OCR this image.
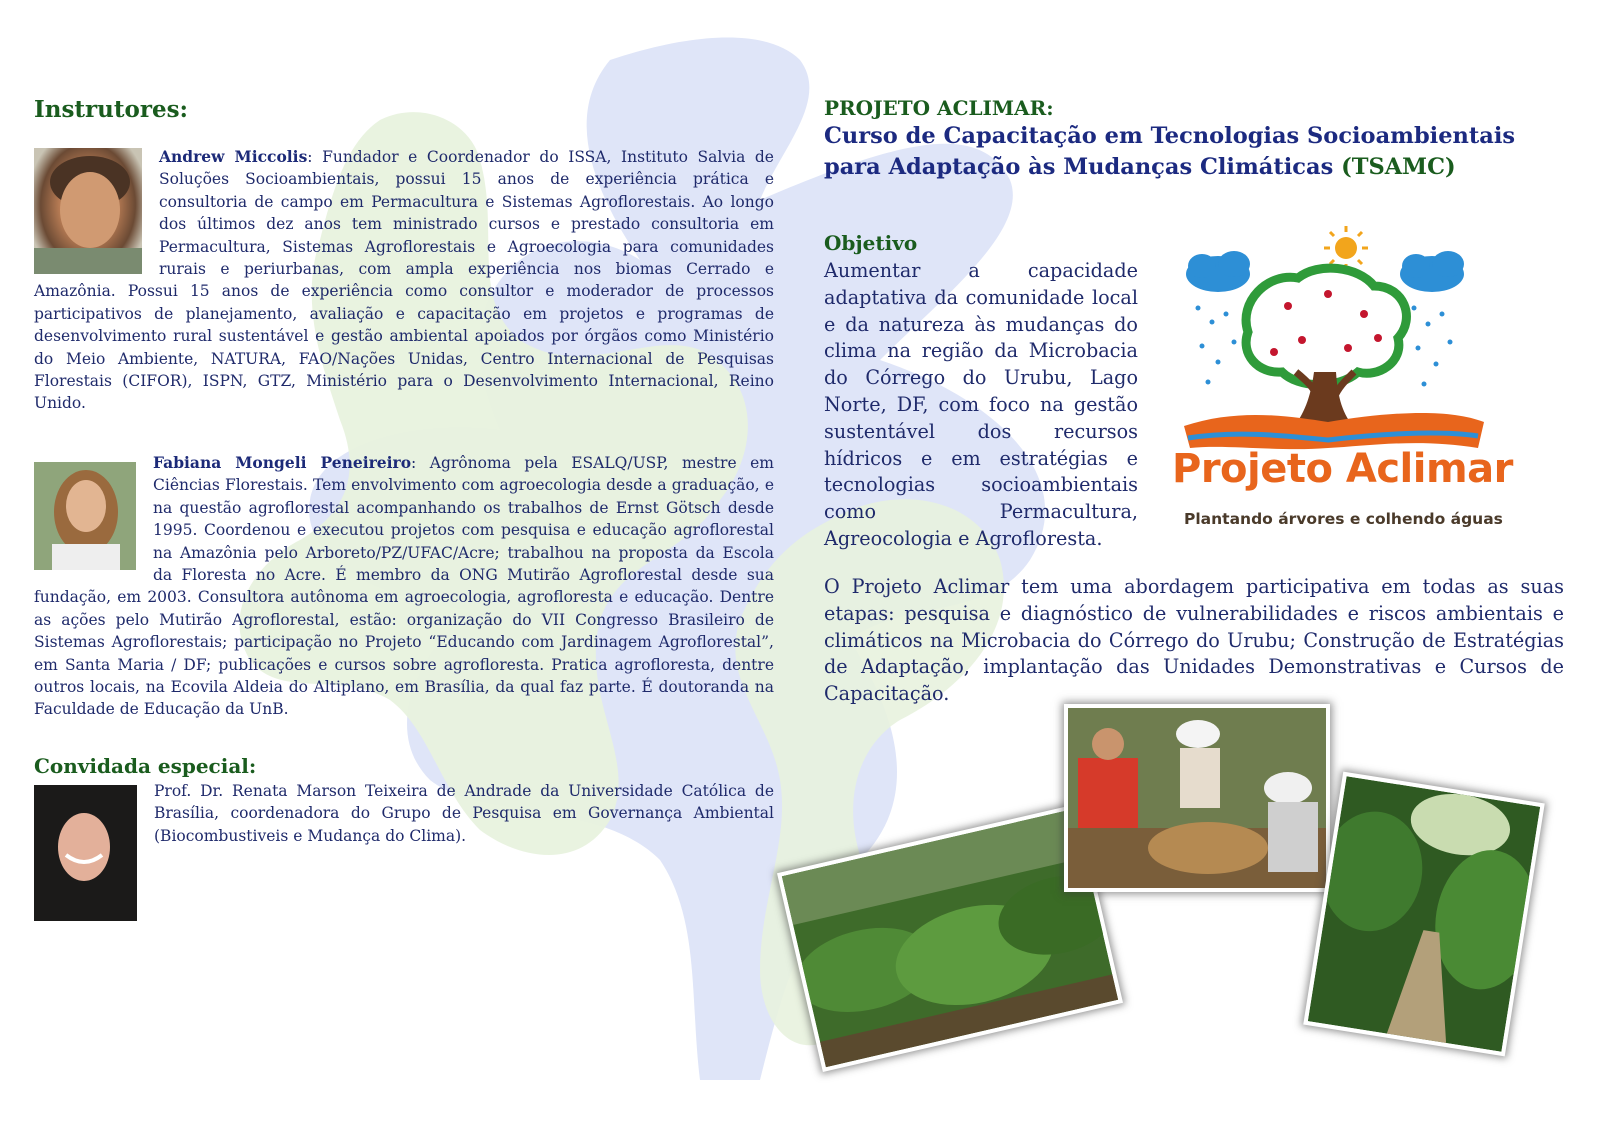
Instrutores:
Andrew Miccolis: Fundador e Coordenador do ISSA, Instituto Salvia de Soluções Socioambientais, possui 15 anos de experiência prática e consultoria de campo em Permacultura e Sistemas Agroflorestais. Ao longo dos últimos dez anos tem ministrado cursos e prestado consultoria em Permacultura, Sistemas Agroflorestais e Agroecologia para comunidades rurais e periurbanas, com ampla experiência nos biomas Cerrado e Amazônia. Possui 15 anos de experiência como consultor e moderador de processos participativos de planejamento, avaliação e capacitação em projetos e programas de desenvolvimento rural sustentável e gestão ambiental apoiados por órgãos como Ministério do Meio Ambiente, NATURA, FAO/Nações Unidas, Centro Internacional de Pesquisas Florestais (CIFOR), ISPN, GTZ, Ministério para o Desenvolvimento Internacional, Reino Unido.
Fabiana Mongeli Peneireiro: Agrônoma pela ESALQ/USP, mestre em Ciências Florestais. Tem envolvimento com agroecologia desde a graduação, e na questão agroflorestal acompanhando os trabalhos de Ernst Götsch desde 1995. Coordenou e executou projetos com pesquisa e educação agroflorestal na Amazônia pelo Arboreto/PZ/UFAC/Acre; trabalhou na proposta da Escola da Floresta no Acre. É membro da ONG Mutirão Agroflorestal desde sua fundação, em 2003. Consultora autônoma em agroecologia, agrofloresta e educação. Dentre as ações pelo Mutirão Agroflorestal, estão: organização do VII Congresso Brasileiro de Sistemas Agroflorestais; participação no Projeto “Educando com Jardinagem Agroflorestal”, em Santa Maria / DF; publicações e cursos sobre agrofloresta. Pratica agrofloresta, dentre outros locais, na Ecovila Aldeia do Altiplano, em Brasília, da qual faz parte. É doutoranda na Faculdade de Educação da UnB.
Convidada especial:
Prof. Dr. Renata Marson Teixeira de Andrade da Universidade Católica de Brasília, coordenadora do Grupo de Pesquisa em Governança Ambiental (Biocombustiveis e Mudança do Clima).
PROJETO ACLIMAR:
Curso de Capacitação em Tecnologias Socioambientais para Adaptação às Mudanças Climáticas (TSAMC)
Objetivo
Aumentar a capacidade adaptativa da comunidade local e da natureza às mudanças do clima na região da Microbacia do Córrego do Urubu, Lago Norte, DF, com foco na gestão sustentável dos recursos hídricos e em estratégias e tecnologias socioambientais como Permacultura, Agreocologia e Agrofloresta.
Projeto Aclimar
Plantando árvores e colhendo águas
O Projeto Aclimar tem uma abordagem participativa em todas as suas etapas: pesquisa e diagnóstico de vulnerabilidades e riscos ambientais e climáticos na Microbacia do Córrego do Urubu; Construção de Estratégias de Adaptação, implantação das Unidades Demonstrativas e Cursos de Capacitação.
